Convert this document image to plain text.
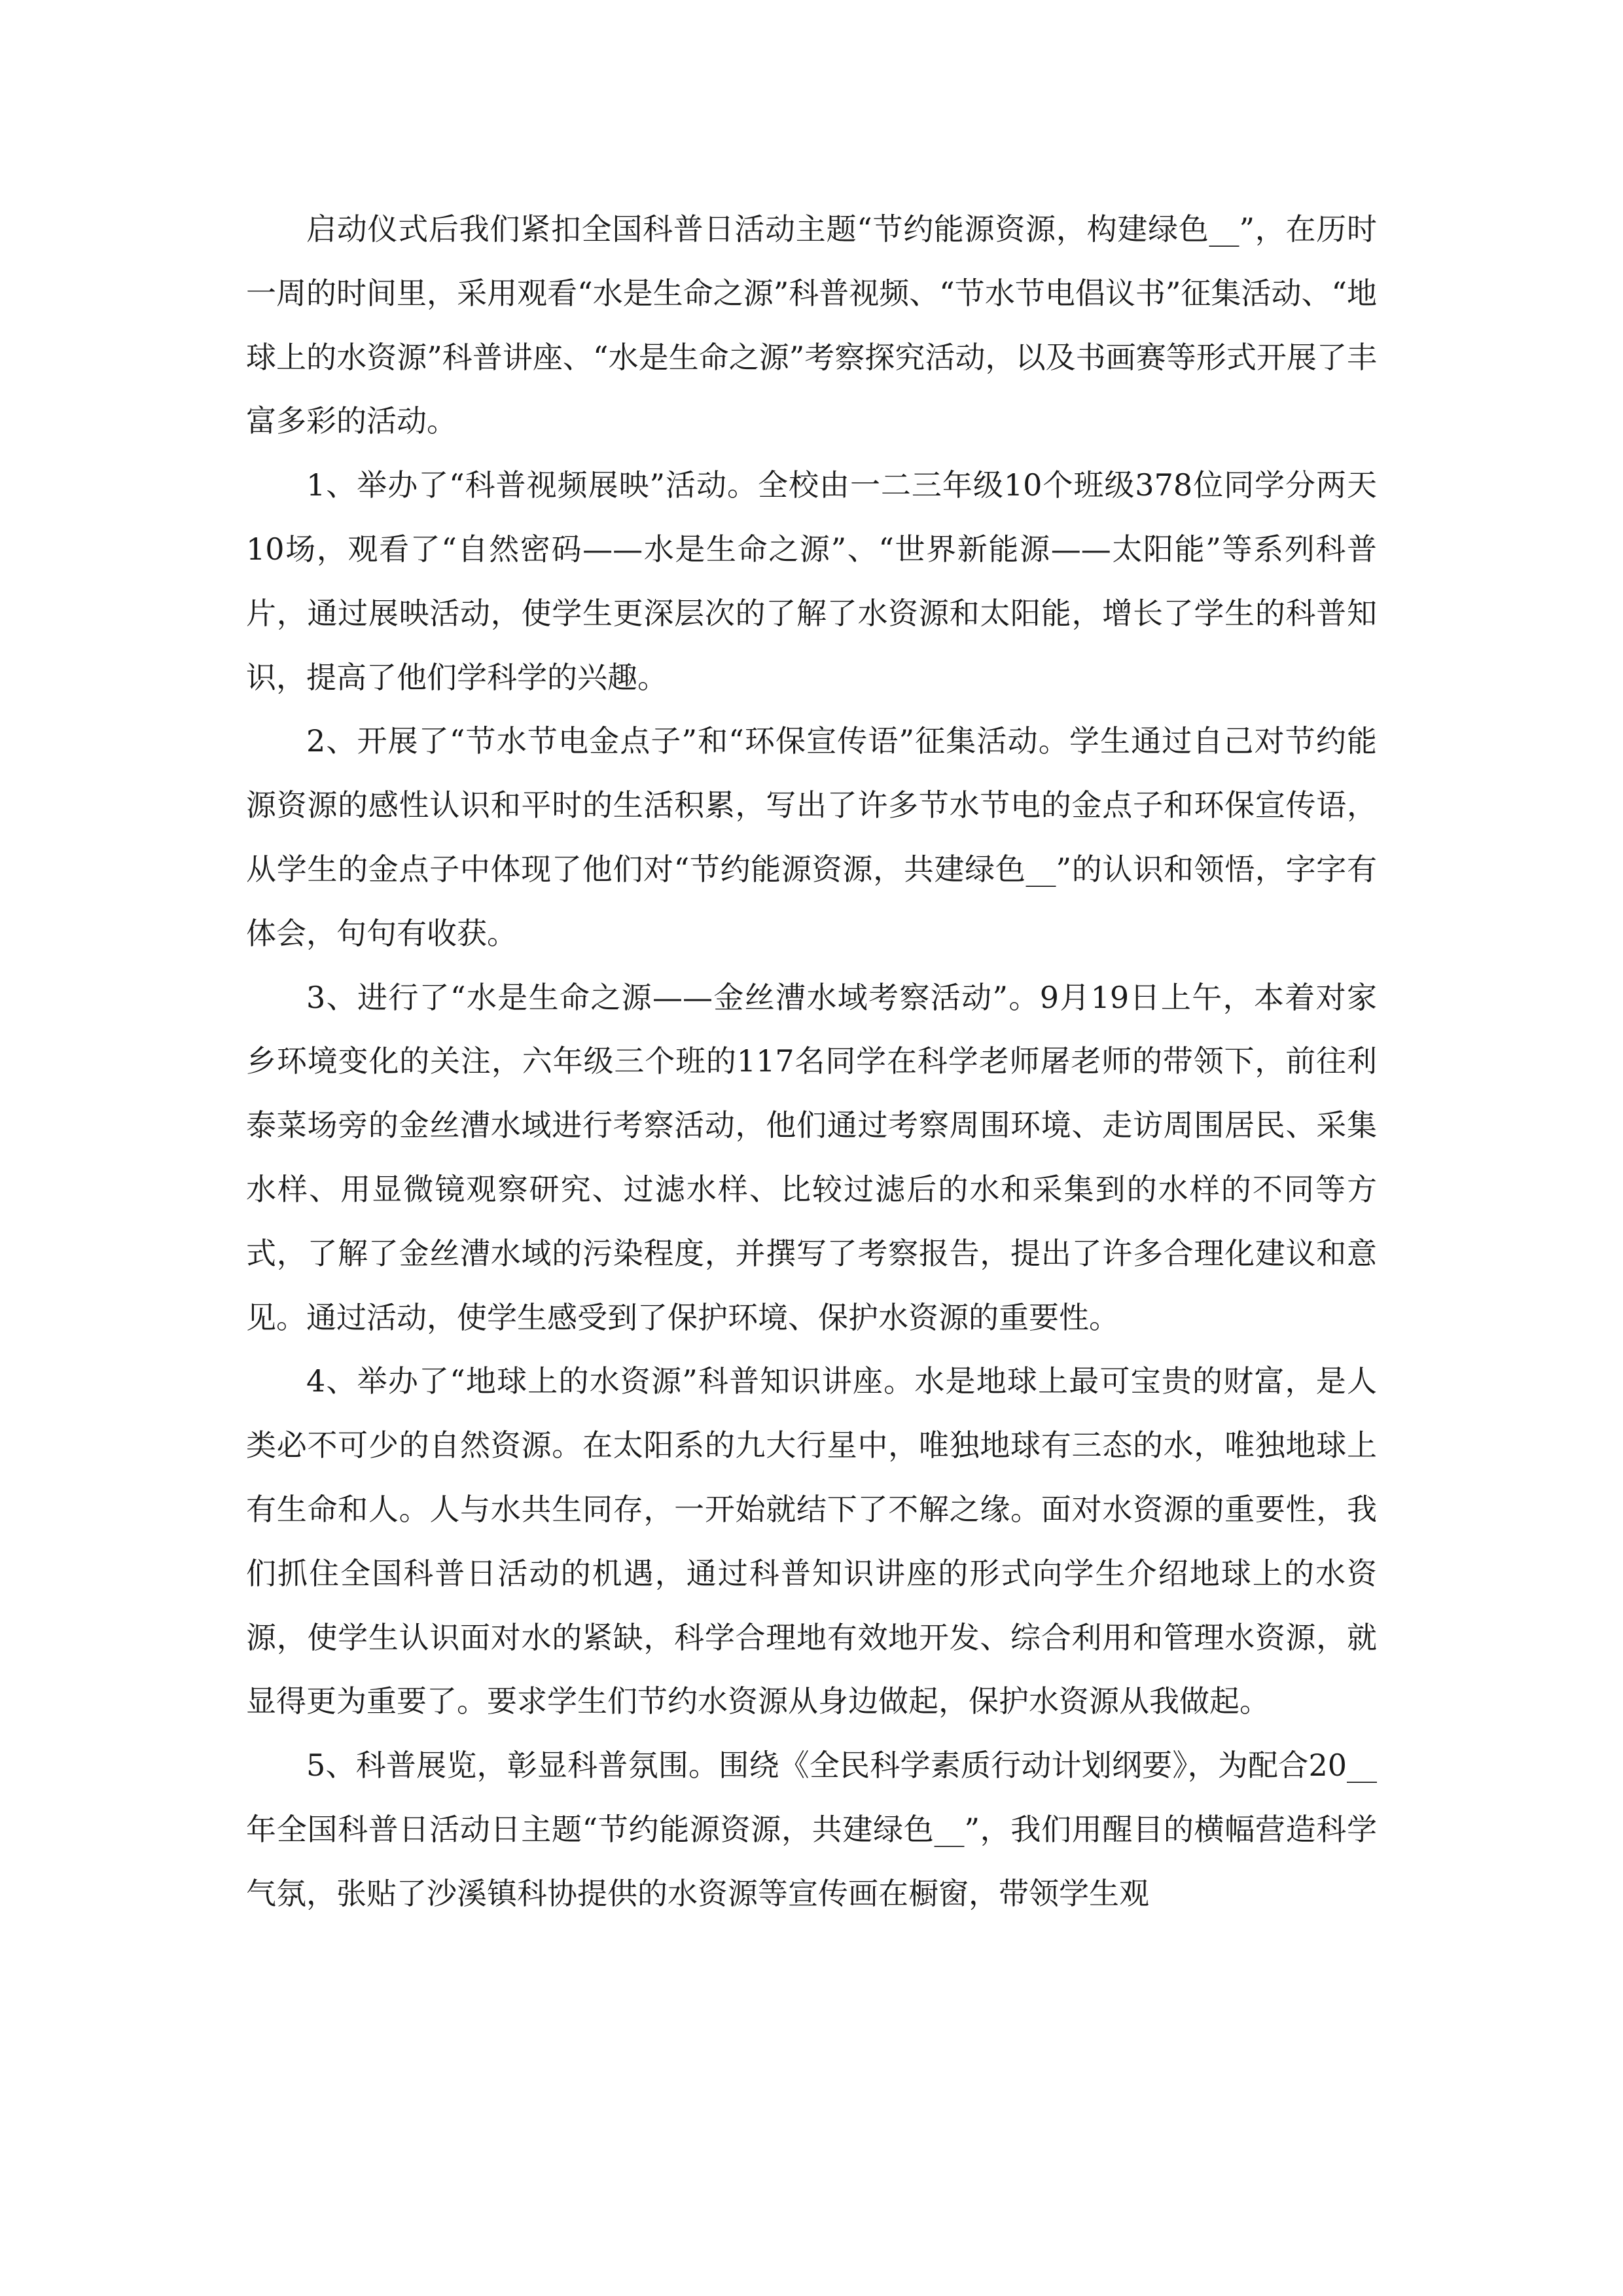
启动仪式后我们紧扣全国科普日活动主题“节约能源资源，构建绿色__”，在历时一周的时间里，采用观看“水是生命之源”科普视频、“节水节电倡议书”征集活动、“地球上的水资源”科普讲座、“水是生命之源”考察探究活动，以及书画赛等形式开展了丰富多彩的活动。

1、举办了“科普视频展映”活动。全校由一二三年级10个班级378位同学分两天10场，观看了“自然密码——水是生命之源”、“世界新能源——太阳能”等系列科普片，通过展映活动，使学生更深层次的了解了水资源和太阳能，增长了学生的科普知识，提高了他们学科学的兴趣。

2、开展了“节水节电金点子”和“环保宣传语”征集活动。学生通过自己对节约能源资源的感性认识和平时的生活积累，写出了许多节水节电的金点子和环保宣传语，从学生的金点子中体现了他们对“节约能源资源，共建绿色__”的认识和领悟，字字有体会，句句有收获。

3、进行了“水是生命之源——金丝漕水域考察活动”。9月19日上午，本着对家乡环境变化的关注，六年级三个班的117名同学在科学老师屠老师的带领下，前往利泰菜场旁的金丝漕水域进行考察活动，他们通过考察周围环境、走访周围居民、采集水样、用显微镜观察研究、过滤水样、比较过滤后的水和采集到的水样的不同等方式，了解了金丝漕水域的污染程度，并撰写了考察报告，提出了许多合理化建议和意见。通过活动，使学生感受到了保护环境、保护水资源的重要性。

4、举办了“地球上的水资源”科普知识讲座。水是地球上最可宝贵的财富，是人类必不可少的自然资源。在太阳系的九大行星中，唯独地球有三态的水，唯独地球上有生命和人。人与水共生同存，一开始就结下了不解之缘。面对水资源的重要性，我们抓住全国科普日活动的机遇，通过科普知识讲座的形式向学生介绍地球上的水资源，使学生认识面对水的紧缺，科学合理地有效地开发、综合利用和管理水资源，就显得更为重要了。要求学生们节约水资源从身边做起，保护水资源从我做起。

5、科普展览，彰显科普氛围。围绕《全民科学素质行动计划纲要》，为配合20__年全国科普日活动日主题“节约能源资源，共建绿色__”，我们用醒目的横幅营造科学气氛，张贴了沙溪镇科协提供的水资源等宣传画在橱窗，带领学生观
